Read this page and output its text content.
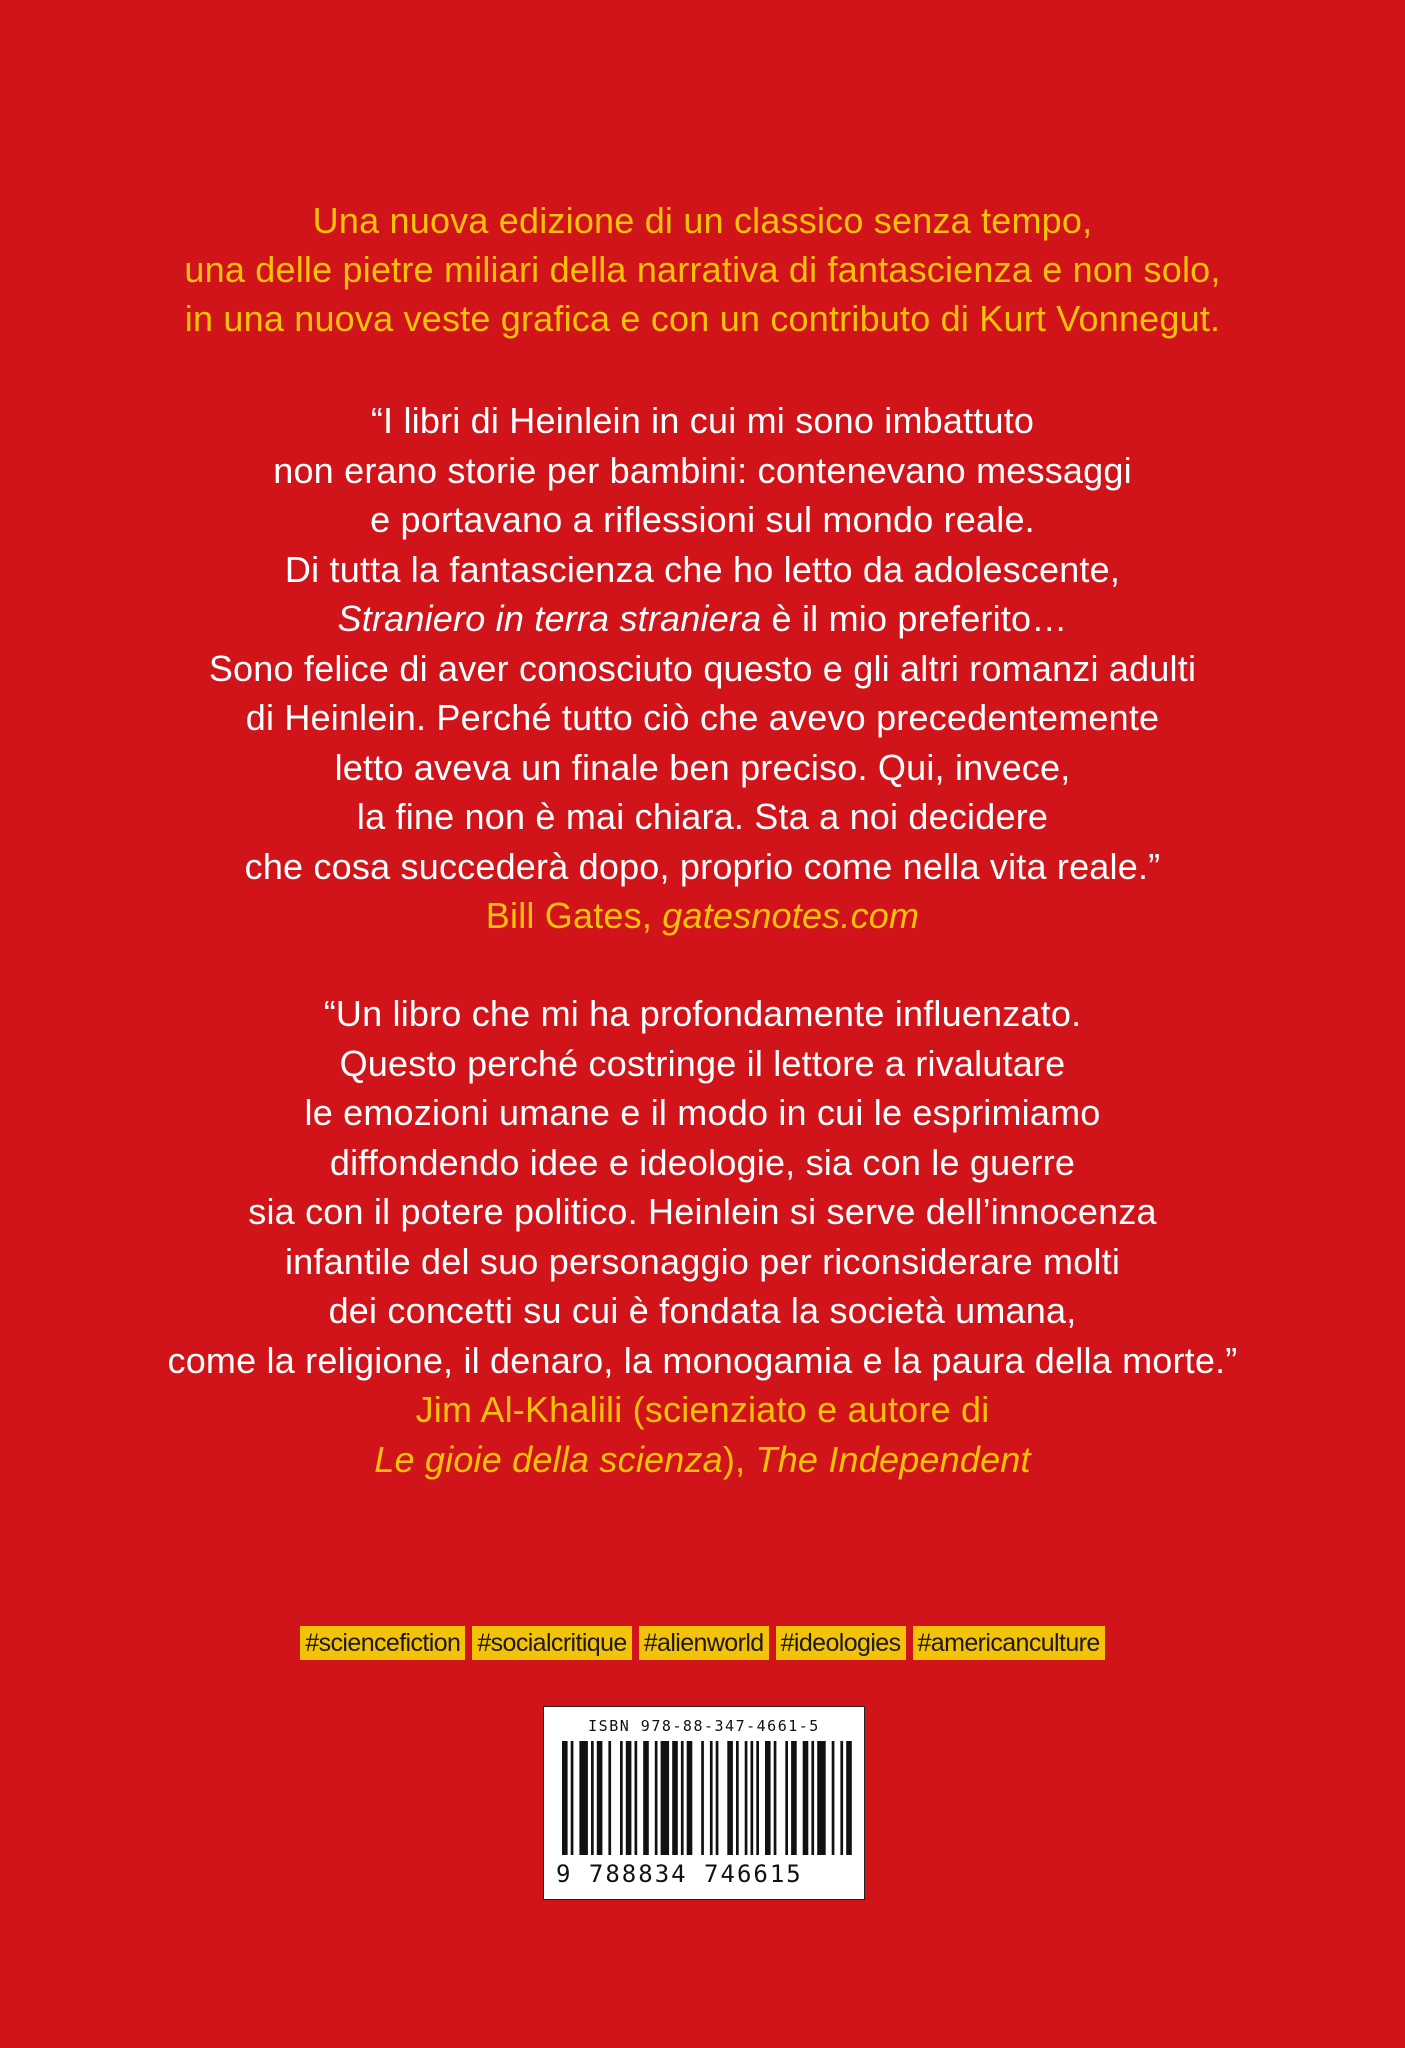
Una nuova edizione di un classico senza tempo,
una delle pietre miliari della narrativa di fantascienza e non solo,
in una nuova veste grafica e con un contributo di Kurt Vonnegut.
“I libri di Heinlein in cui mi sono imbattuto
non erano storie per bambini: contenevano messaggi
e portavano a riflessioni sul mondo reale.
Di tutta la fantascienza che ho letto da adolescente,
Straniero in terra straniera è il mio preferito…
Sono felice di aver conosciuto questo e gli altri romanzi adulti
di Heinlein. Perché tutto ciò che avevo precedentemente
letto aveva un finale ben preciso. Qui, invece,
la fine non è mai chiara. Sta a noi decidere
che cosa succederà dopo, proprio come nella vita reale.”
Bill Gates, gatesnotes.com
“Un libro che mi ha profondamente influenzato.
Questo perché costringe il lettore a rivalutare
le emozioni umane e il modo in cui le esprimiamo
diffondendo idee e ideologie, sia con le guerre
sia con il potere politico. Heinlein si serve dell’innocenza
infantile del suo personaggio per riconsiderare molti
dei concetti su cui è fondata la società umana,
come la religione, il denaro, la monogamia e la paura della morte.”
Jim Al-Khalili (scienziato e autore di
Le gioie della scienza), The Independent
#sciencefiction #socialcritique #alienworld #ideologies #americanculture
ISBN 978-88-347-4661-5
9 788834 746615
